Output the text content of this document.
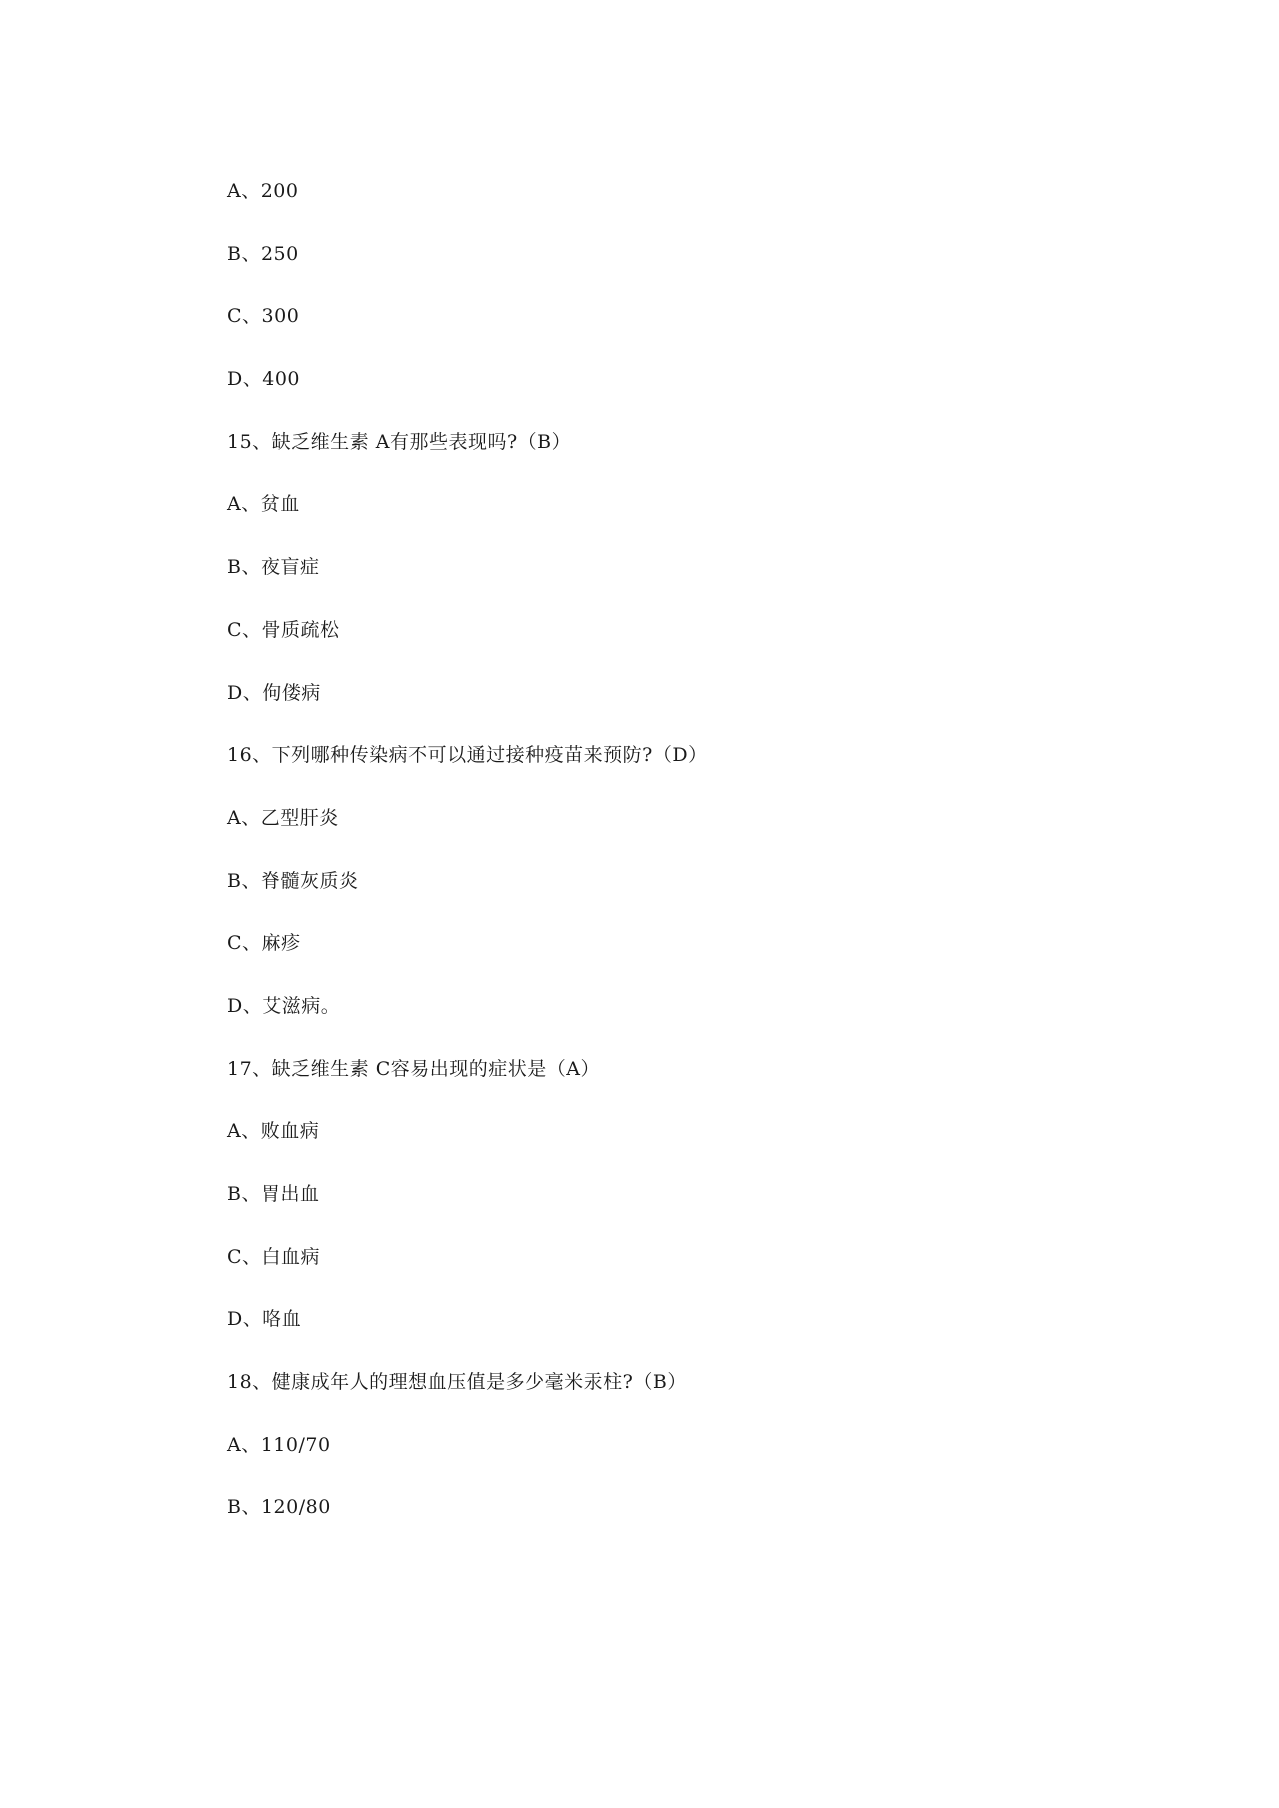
A、200
B、250
C、300
D、400
15、缺乏维生素 A有那些表现吗?（B）
A、贫血
B、夜盲症
C、骨质疏松
D、佝偻病
16、下列哪种传染病不可以通过接种疫苗来预防?（D）
A、乙型肝炎
B、脊髓灰质炎
C、麻疹
D、艾滋病。
17、缺乏维生素 C容易出现的症状是（A）
A、败血病
B、胃出血
C、白血病
D、咯血
18、健康成年人的理想血压值是多少毫米汞柱?（B）
A、110/70
B、120/80
